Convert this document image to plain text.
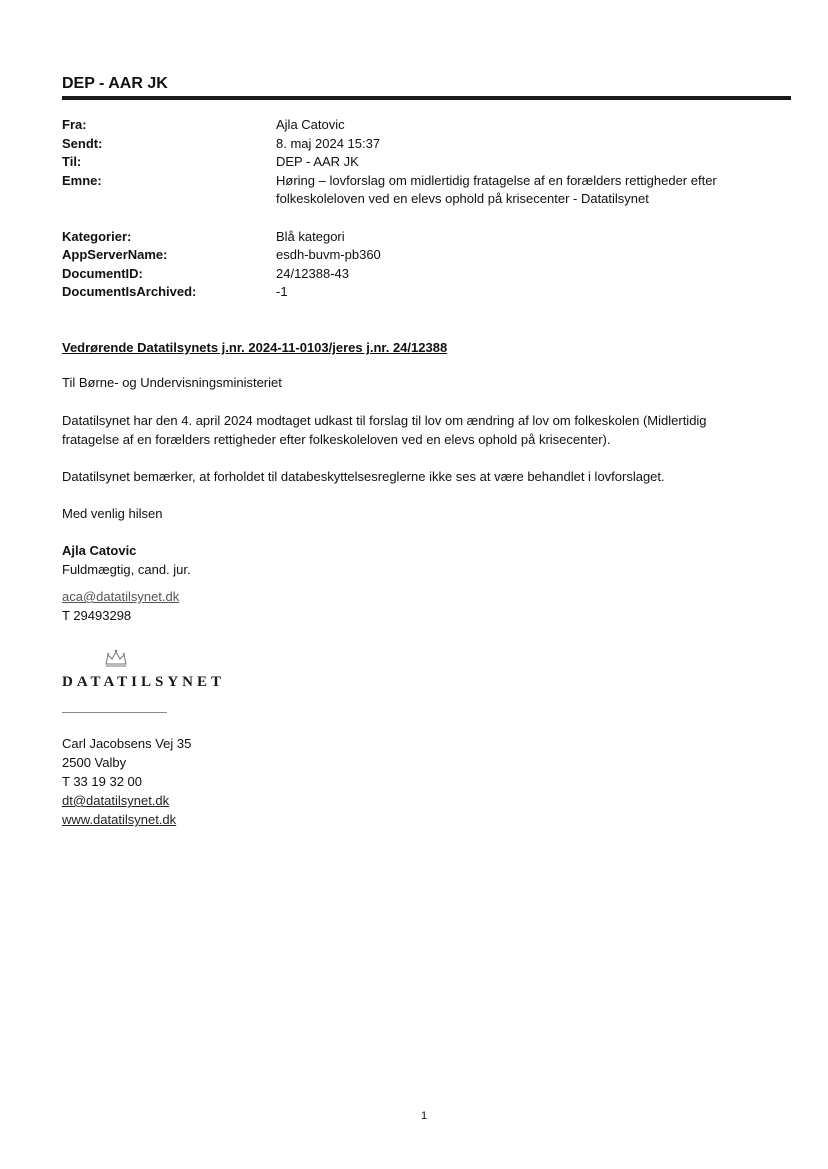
DEP - AAR JK
Fra:	Ajla Catovic
Sendt:	8. maj 2024 15:37
Til:	DEP - AAR JK
Emne:	Høring – lovforslag om midlertidig fratagelse af en forælders rettigheder efter
folkeskoleloven ved en elevs ophold på krisecenter - Datatilsynet
Kategorier:	Blå kategori
AppServerName:	esdh-buvm-pb360
DocumentID:	24/12388-43
DocumentIsArchived:	-1
Vedrørende Datatilsynets j.nr. 2024-11-0103/jeres j.nr. 24/12388
Til Børne- og Undervisningsministeriet
Datatilsynet har den 4. april 2024 modtaget udkast til forslag til lov om ændring af lov om folkeskolen (Midlertidig
fratagelse af en forælders rettigheder efter folkeskoleloven ved en elevs ophold på krisecenter).
Datatilsynet bemærker, at forholdet til databeskyttelsesreglerne ikke ses at være behandlet i lovforslaget.
Med venlig hilsen
Ajla Catovic
Fuldmægtig, cand. jur.
aca@datatilsynet.dk
T 29493298
DATATILSYNET
Carl Jacobsens Vej 35
2500 Valby
T 33 19 32 00
dt@datatilsynet.dk
www.datatilsynet.dk
1
